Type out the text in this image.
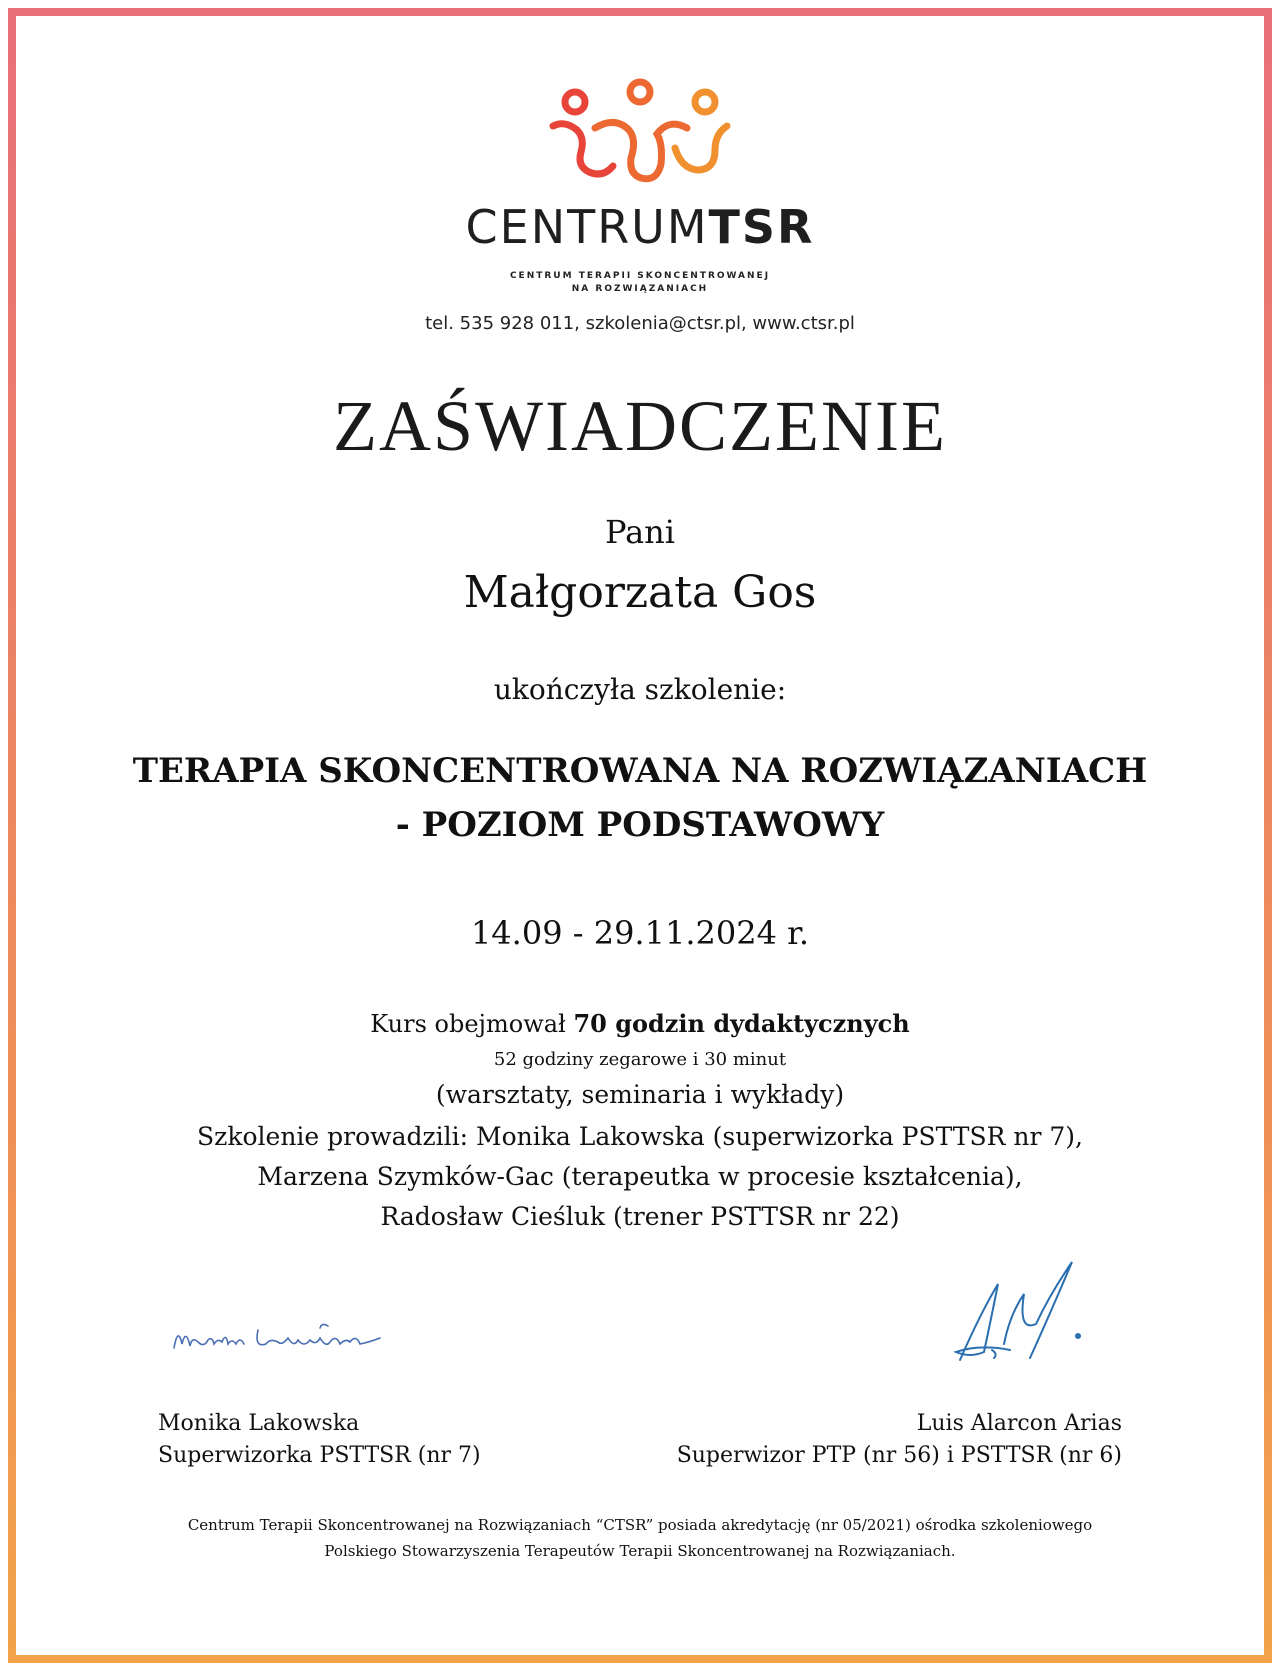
CENTRUMTSR
CENTRUM TERAPII SKONCENTROWANEJ
NA ROZWIĄZANIACH
tel. 535 928 011, szkolenia@ctsr.pl, www.ctsr.pl
ZAŚWIADCZENIE
Pani
Małgorzata Gos
ukończyła szkolenie:
TERAPIA SKONCENTROWANA NA ROZWIĄZANIACH
- POZIOM PODSTAWOWY
14.09 - 29.11.2024 r.
Kurs obejmował 70 godzin dydaktycznych
52 godziny zegarowe i 30 minut
(warsztaty, seminaria i wykłady)
Szkolenie prowadzili: Monika Lakowska (superwizorka PSTTSR nr 7),
Marzena Szymków-Gac (terapeutka w procesie kształcenia),
Radosław Cieśluk (trener PSTTSR nr 22)
Monika Lakowska
Superwizorka PSTTSR (nr 7)
Luis Alarcon Arias
Superwizor PTP (nr 56) i PSTTSR (nr 6)
Centrum Terapii Skoncentrowanej na Rozwiązaniach “CTSR” posiada akredytację (nr 05/2021) ośrodka szkoleniowego
Polskiego Stowarzyszenia Terapeutów Terapii Skoncentrowanej na Rozwiązaniach.
